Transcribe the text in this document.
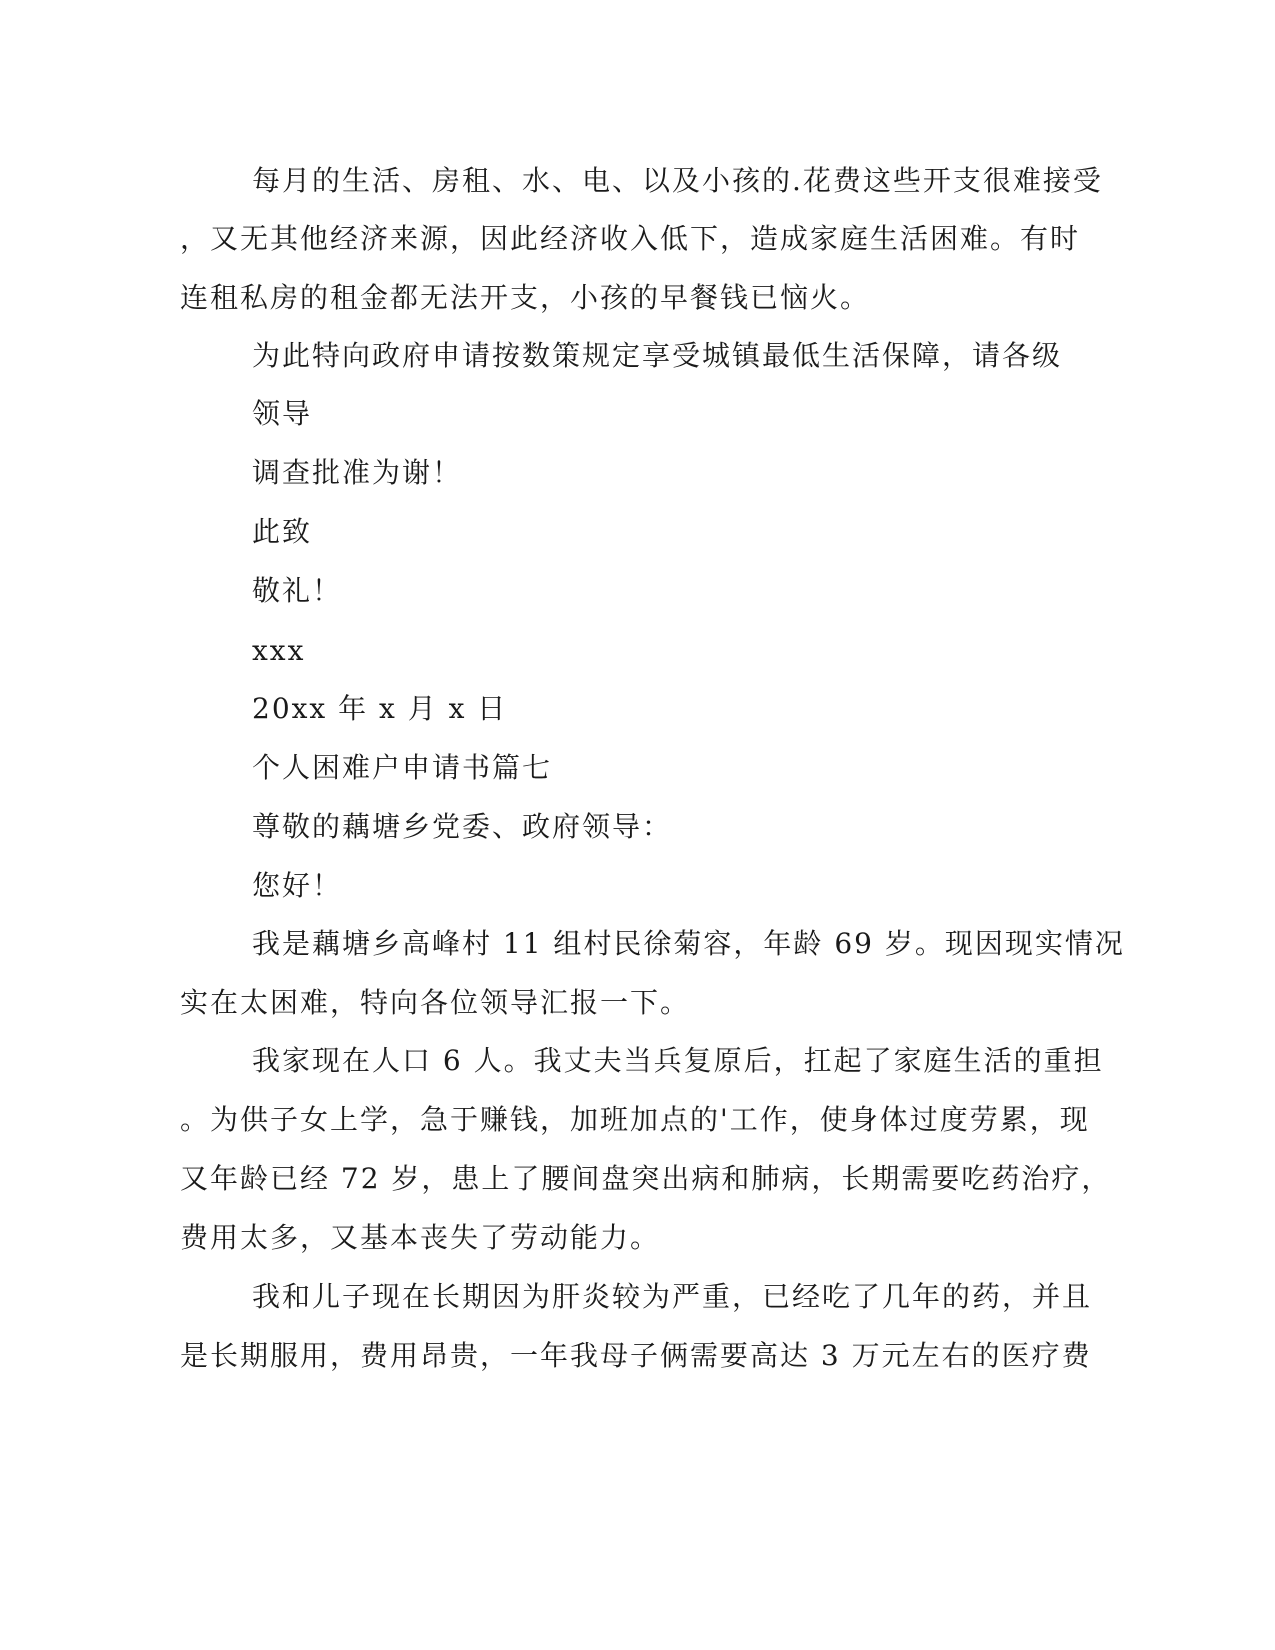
每月的生活、房租、水、电、以及小孩的.花费这些开支很难接受
，又无其他经济来源，因此经济收入低下，造成家庭生活困难。有时
连租私房的租金都无法开支，小孩的早餐钱已恼火。
为此特向政府申请按数策规定享受城镇最低生活保障，请各级
领导
调查批准为谢！
此致
敬礼！
xxx
20xx 年 x 月 x 日
个人困难户申请书篇七
尊敬的藕塘乡党委、政府领导：
您好！
我是藕塘乡高峰村 11 组村民徐菊容，年龄 69 岁。现因现实情况
实在太困难，特向各位领导汇报一下。
我家现在人口 6 人。我丈夫当兵复原后，扛起了家庭生活的重担
。为供子女上学，急于赚钱，加班加点的'工作，使身体过度劳累，现
又年龄已经 72 岁，患上了腰间盘突出病和肺病，长期需要吃药治疗，
费用太多，又基本丧失了劳动能力。
我和儿子现在长期因为肝炎较为严重，已经吃了几年的药，并且
是长期服用，费用昂贵，一年我母子俩需要高达 3 万元左右的医疗费
